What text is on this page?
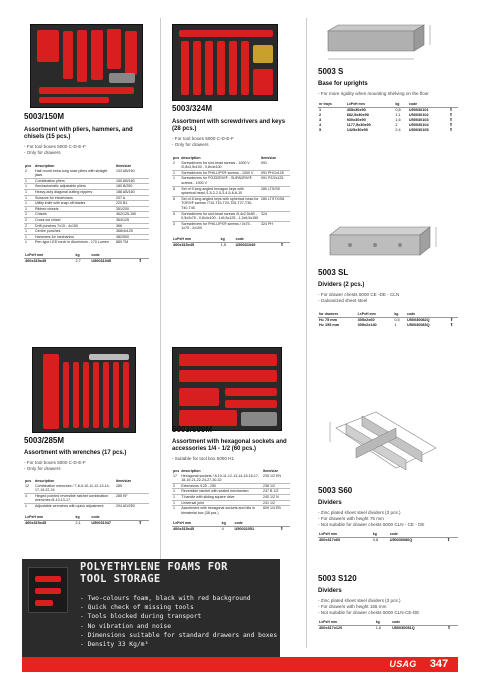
5003/150M
Assortment with pliers, hammers, and chisels (15 pcs.)
- For tool boxes 5000 C-D-E-F
- Only for drawers
pcs	description	Item/size
2	Half-round extra-long nose pliers with straight jaws	133 AB/160
1	Combination pliers	150 AB/180
1	Semiautomatic adjustable pliers	180 B/250
1	Heavy-duty diagonal cutting nippers	188 AB/160
1	Scissors for electricians	207 A
1	Utility knife with snap-off blades	220 B1
1	Ribbed chisels	351/200
2	Chisels	362/125-150
2	Cross cut chisel	364/125
2	Drift punches 7x15 - 4x150	366
1	Centre punches	368/4x125
1	Hammers for mechanics	382/500
1	Pen-type LED torch in Aluminium - 170 Lumen	889 TM
LxPxH mm	kg	code	
400x315x45	2,7	U50031045	⇑
5003/324M
Assortment with screwdrivers and keys (28 pcs.)
- For tool boxes 5000 C-D-E-F
- Only for drawers
pcs	description	Item/size
2	Screwdrivers for slot-head screws - 1000 V /0,8x3,5x100 - 0,8x4x100	091
1	Screwdrivers for PHILLIPS® screws - 1000 V	091 PH/1x125
1	Screwdrivers for POZIDRIV® - SUPADRIV® screws - 1000 V	091 PZ/2x125
8	Set of 9 long angled hexagon keys with spherical head /1,5-2-2,5-3-4-5-6-8-10	280 LTS/S9
8	Set of 8 long angled keys with spherical head for TORX® screws /T10-T15-T20-T25-T27-T30-T40-T45	280 LTSTX/S8
5	Screwdrivers for slot-head screws /0,4x2,5x50 - 0,5x3x75 - 0,8x4x100 - 1x5,5x125 - 1,2x6,5x150	324
3	Screwdrivers for PHILLIPS® screws / 0x75 - 1x75 - 2x100	324 PH
LxPxH mm	kg	code	
400x315x45	1,5	U50031049	⇑
5003/285M
Assortment with wrenches (17 pcs.)
- For tool boxes 5000 C-D-E-F
- Only for drawers
pcs	description	Item/size
12	Combination wrenches / 7-8-9-10-11-12-13-14-17-19-22-24	285
4	Hinged pointed reversible ratchet combination wrenches /8-10-13-17	285 KF
1	Adjustable wrenches with quick adjustment	294 AD/250
LxPxH mm	kg	code	
400x315x45	2,1	U50031047	⇑
5003/609M
Assortment with hexagonal sockets and accessories 1/4 - 1/2 (60 pcs.)
- Suitable for tool box 5000 H1
pcs	description	Item/size
17	Hexagonal sockets / 8-10-11-12-13-14-15-16-17-18-19-21-22-24-27-30-32	235 1/2 EN
2	Extensions /125 - 250	238 1/2
1	Reversible ratchet with sealed mechanism	237 B 1/2
1	T-handle with sliding square drive	240 1/2 N
1	Universal joint	241 1/2
1	Assortment with hexagonal sockets and bits in bimaterial box (38 pcs.)	609 1/4 EB
LxPxH mm	kg	code	
400x315x45	4	U50031051	⇑
5003 S
Base for uprights
- For more rigidity when mounting shelving on the floor
nr trays	LxPxH mm	kg	code	
1	435x30x90	0,8	U50030101	⇑
2	682,5x30x90	1,1	U50030102	⇑
3	930x30x90	1,6	U50030103	⇑
4	1177,5x30x90	2	U50030104	⇑
5	1425x30x90	2,4	U50030105	⇑
5003 SL
Dividers (2 pcs.)
- For drawer chests 5000 CE -DE - CLN
- Galvanized sheet steel
for drawers	LxPxH mm	kg	code	
H= 75 mm	305x2x60	0,5	U50030082Q	⇑
H= 155 mm	305x2x140	1	U50030083Q	⇑
5003 S60
Dividers
- Zinc plated sheet steel dividers (3 pcs.)
- For drawers with height 75 mm
- Not suitable for drawer chests 5000 CLN - CE - DE
LxPxH mm	kg	code	
400x317x60	0,8	U50030080Q	⇑
5003 S120
Dividers
- Zinc plated sheet steel dividers (3 pcs.)
- For drawers with height 155 mm
- Not suitable for drawer chests 5000 CLN-CE-DE
LxPxH mm	kg	code	
400x317x120	1,6	U50030081Q	⇑
POLYETHYLENE FOAMS FOR
TOOL STORAGE
- Two-colours foam, black with red background
- Quick check of missing tools
- Tools blocked during transport
- No vibration and noise
- Dimensions suitable for standard drawers and boxes
- Density 33 Kg/m³
USAG	347
